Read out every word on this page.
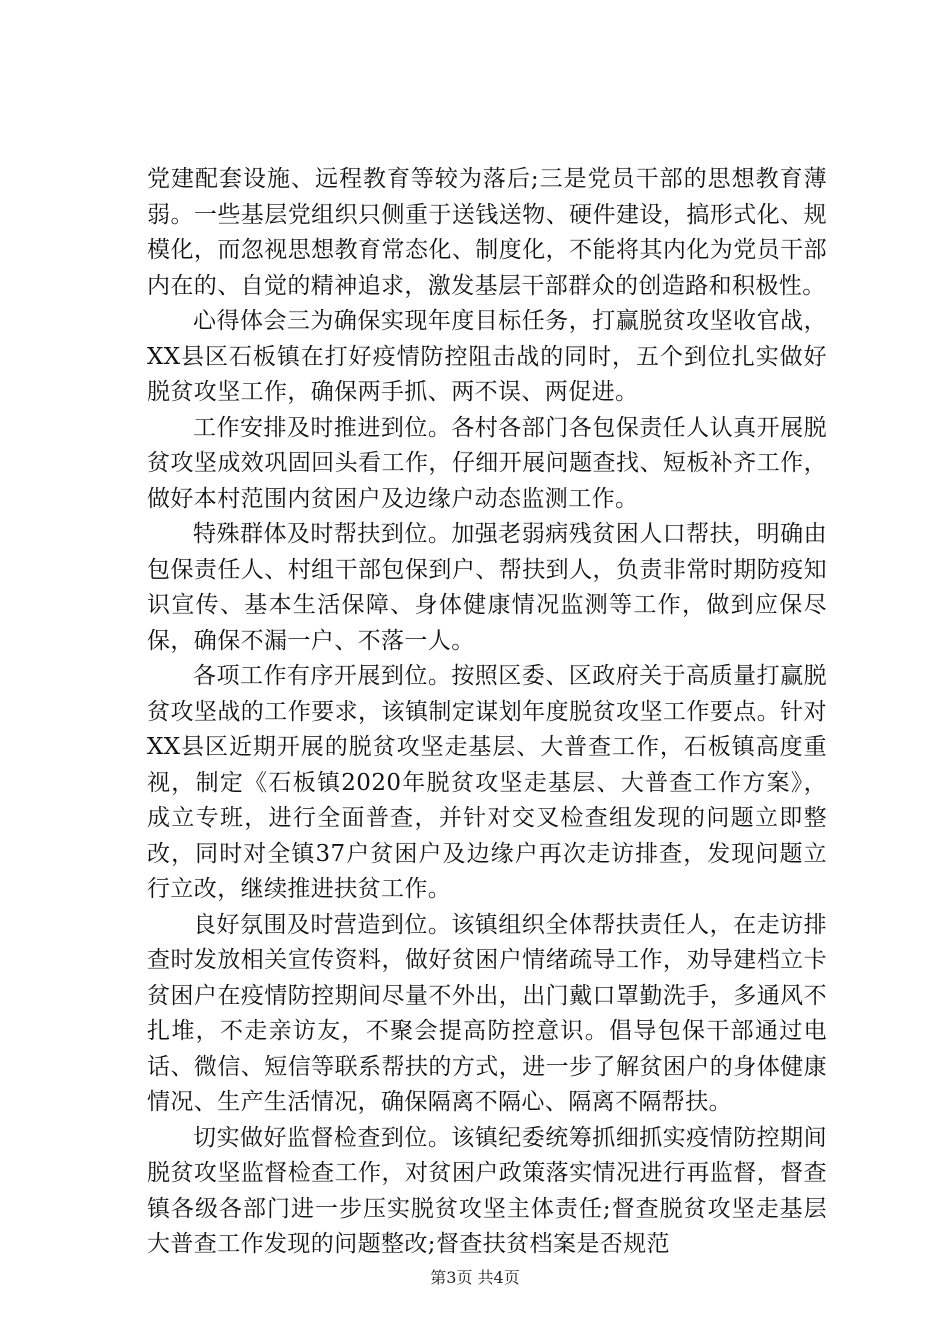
党建配套设施、远程教育等较为落后;三是党员干部的思想教育薄弱。一些基层党组织只侧重于送钱送物、硬件建设，搞形式化、规模化，而忽视思想教育常态化、制度化，不能将其内化为党员干部内在的、自觉的精神追求，激发基层干部群众的创造路和积极性。

心得体会三为确保实现年度目标任务，打赢脱贫攻坚收官战，XX县区石板镇在打好疫情防控阻击战的同时，五个到位扎实做好脱贫攻坚工作，确保两手抓、两不误、两促进。

工作安排及时推进到位。各村各部门各包保责任人认真开展脱贫攻坚成效巩固回头看工作，仔细开展问题查找、短板补齐工作，做好本村范围内贫困户及边缘户动态监测工作。

特殊群体及时帮扶到位。加强老弱病残贫困人口帮扶，明确由包保责任人、村组干部包保到户、帮扶到人，负责非常时期防疫知识宣传、基本生活保障、身体健康情况监测等工作，做到应保尽保，确保不漏一户、不落一人。

各项工作有序开展到位。按照区委、区政府关于高质量打赢脱贫攻坚战的工作要求，该镇制定谋划年度脱贫攻坚工作要点。针对XX县区近期开展的脱贫攻坚走基层、大普查工作，石板镇高度重视，制定《石板镇2020年脱贫攻坚走基层、大普查工作方案》，成立专班，进行全面普查，并针对交叉检查组发现的问题立即整改，同时对全镇37户贫困户及边缘户再次走访排查，发现问题立行立改，继续推进扶贫工作。

良好氛围及时营造到位。该镇组织全体帮扶责任人，在走访排查时发放相关宣传资料，做好贫困户情绪疏导工作，劝导建档立卡贫困户在疫情防控期间尽量不外出，出门戴口罩勤洗手，多通风不扎堆，不走亲访友，不聚会提高防控意识。倡导包保干部通过电话、微信、短信等联系帮扶的方式，进一步了解贫困户的身体健康情况、生产生活情况，确保隔离不隔心、隔离不隔帮扶。

切实做好监督检查到位。该镇纪委统筹抓细抓实疫情防控期间脱贫攻坚监督检查工作，对贫困户政策落实情况进行再监督，督查镇各级各部门进一步压实脱贫攻坚主体责任;督查脱贫攻坚走基层大普查工作发现的问题整改;督查扶贫档案是否规范

第3页 共4页
